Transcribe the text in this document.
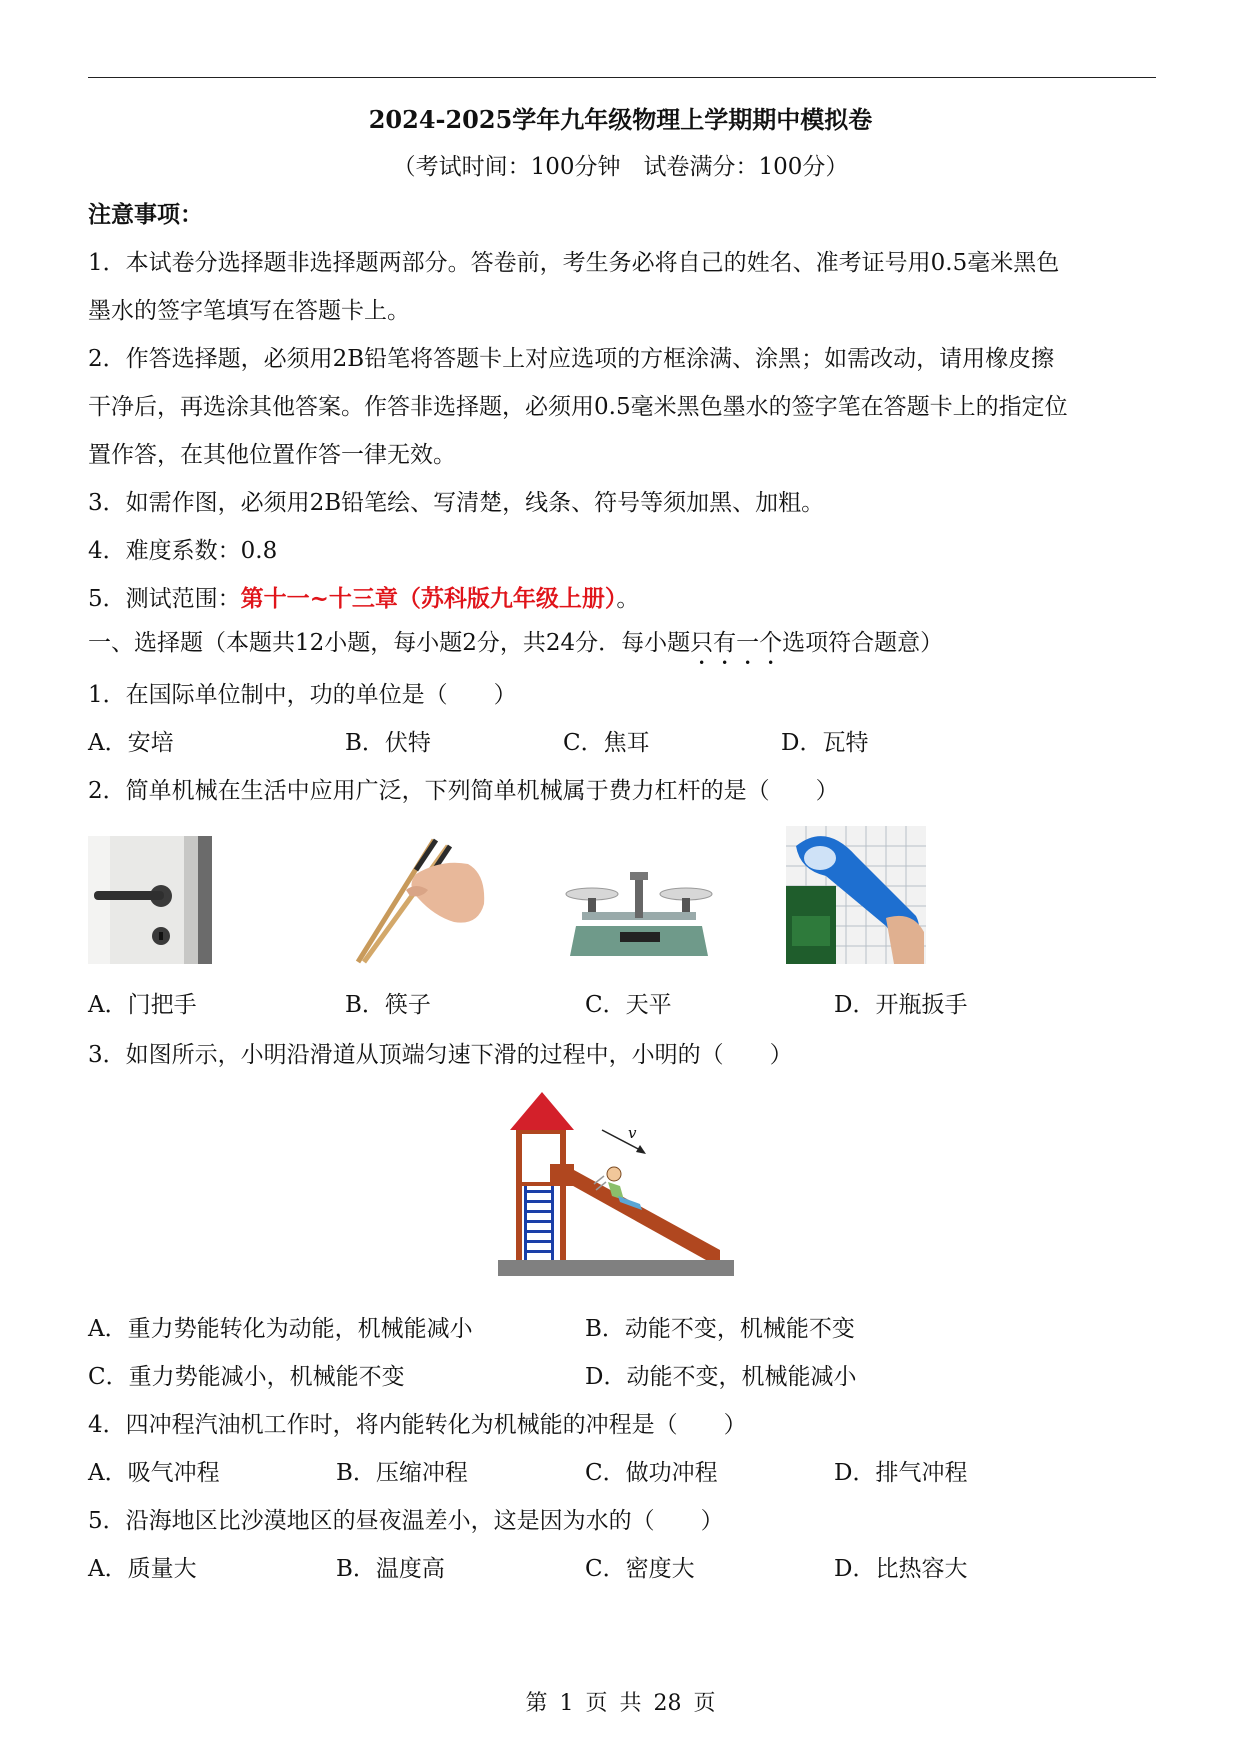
2024-2025学年九年级物理上学期期中模拟卷
（考试时间：100分钟　试卷满分：100分）
注意事项：
1．本试卷分选择题非选择题两部分。答卷前，考生务必将自己的姓名、准考证号用0.5毫米黑色
墨水的签字笔填写在答题卡上。
2．作答选择题，必须用2B铅笔将答题卡上对应选项的方框涂满、涂黑；如需改动，请用橡皮擦
干净后，再选涂其他答案。作答非选择题，必须用0.5毫米黑色墨水的签字笔在答题卡上的指定位
置作答，在其他位置作答一律无效。
3．如需作图，必须用2B铅笔绘、写清楚，线条、符号等须加黑、加粗。
4．难度系数：0.8
5．测试范围：第十一~十三章（苏科版九年级上册）。
一、选择题（本题共12小题，每小题2分，共24分．每小题只有一个选项符合题意）
1．在国际单位制中，功的单位是（　　）
A．安培	B．伏特	C．焦耳	D．瓦特
2．简单机械在生活中应用广泛，下列简单机械属于费力杠杆的是（　　）
A．门把手	B．筷子	C．天平	D．开瓶扳手
3．如图所示，小明沿滑道从顶端匀速下滑的过程中，小明的（　　）
v
A．重力势能转化为动能，机械能减小	B．动能不变，机械能不变
C．重力势能减小，机械能不变	D．动能不变，机械能减小
4．四冲程汽油机工作时，将内能转化为机械能的冲程是（　　）
A．吸气冲程	B．压缩冲程	C．做功冲程	D．排气冲程
5．沿海地区比沙漠地区的昼夜温差小，这是因为水的（　　）
A．质量大	B．温度高	C．密度大	D．比热容大
第 1 页 共 28 页
